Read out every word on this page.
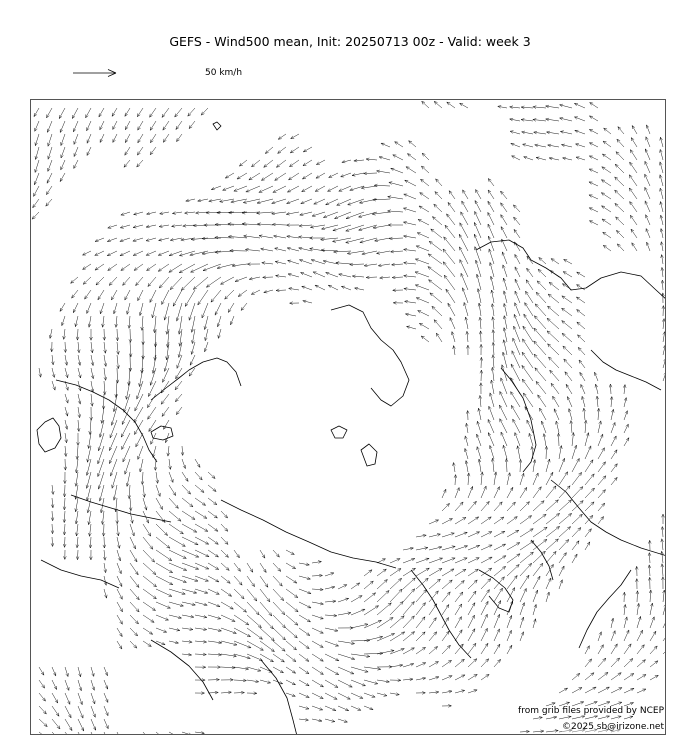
GEFS - Wind500 mean, Init: 20250713 00z - Valid: week 3
50 km/h
from grib files provided by NCEP
©2025 sb@irizone.net
